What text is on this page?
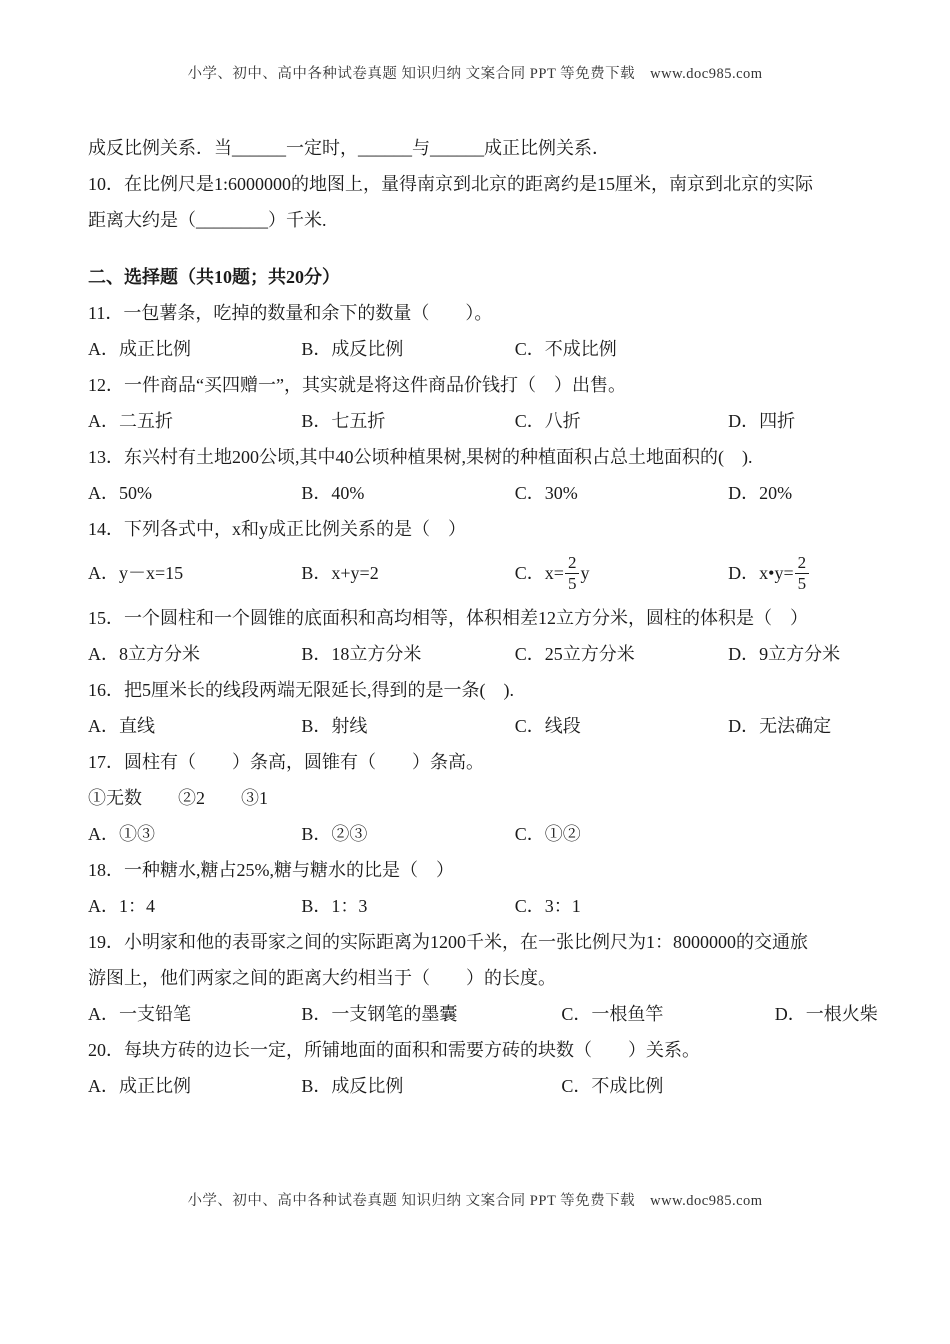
小学、初中、高中各种试卷真题 知识归纳 文案合同 PPT 等免费下载　www.doc985.com

成反比例关系．当______一定时，______与______成正比例关系．

10．在比例尺是1:6000000的地图上，量得南京到北京的距离约是15厘米，南京到北京的实际

距离大约是（________）千米.

二、选择题（共10题；共20分）

11．一包薯条，吃掉的数量和余下的数量（　　）。

A．成正比例	B．成反比例	C．不成比例

12．一件商品“买四赠一”，其实就是将这件商品价钱打（　）出售。

A．二五折	B．七五折	C．八折	D．四折

13．东兴村有土地200公顷,其中40公顷种植果树,果树的种植面积占总土地面积的(　).

A．50%	B．40%	C．30%	D．20%

14．下列各式中，x和y成正比例关系的是（　）

A．y－x=15	B．x+y=2	C．$x= \frac{2}{5}$ y	D．x•y= $\frac{2}{5}$

15．一个圆柱和一个圆锥的底面积和高均相等，体积相差12立方分米，圆柱的体积是（　）

A．8立方分米	B．18立方分米	C．25立方分米	D．9立方分米

16．把5厘米长的线段两端无限延长,得到的是一条(　).

A．直线	B．射线	C．线段	D．无法确定

17．圆柱有（　　）条高，圆锥有（　　）条高。

①无数　　②2　　③1

A．①③	B．②③	C．①②

18．一种糖水,糖占25%,糖与糖水的比是（　）

A．1：4	B．1：3	C．3：1

19．小明家和他的表哥家之间的实际距离为1200千米，在一张比例尺为1：8000000的交通旅

游图上，他们两家之间的距离大约相当于（　　）的长度。

A．一支铅笔	B．一支钢笔的墨囊	C．一根鱼竿	D．一根火柴

20．每块方砖的边长一定，所铺地面的面积和需要方砖的块数（　　）关系。

A．成正比例	B．成反比例	C．不成比例
小学、初中、高中各种试卷真题 知识归纳 文案合同 PPT 等免费下载　www.doc985.com
